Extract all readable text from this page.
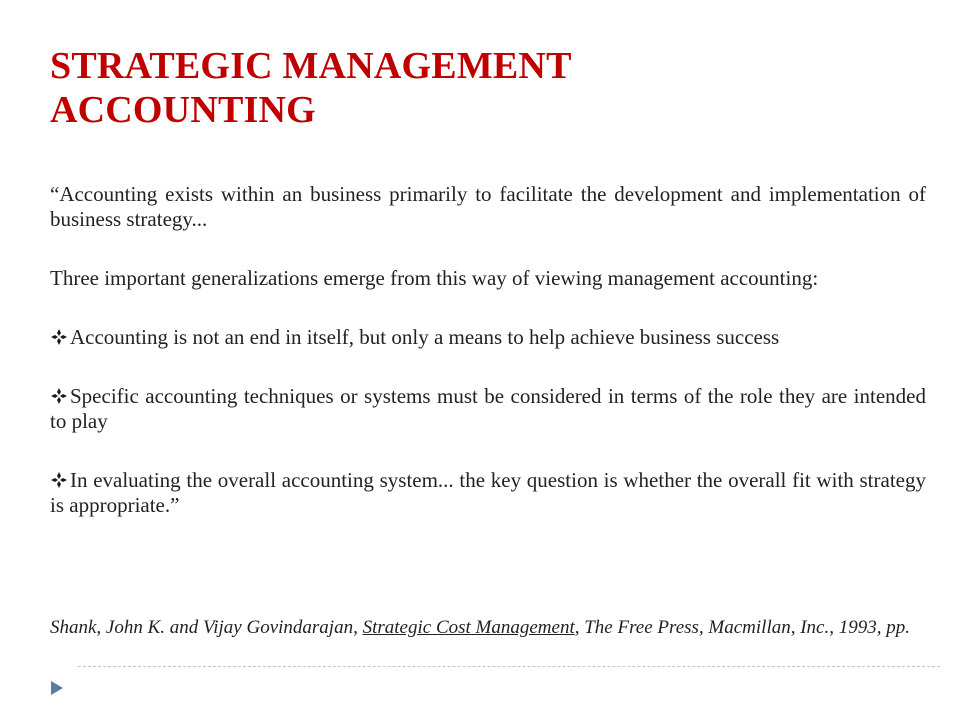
STRATEGIC MANAGEMENT
ACCOUNTING

“Accounting exists within an business primarily to facilitate the development and implementation of business strategy...

Three important generalizations emerge from this way of viewing management accounting:

Accounting is not an end in itself, but only a means to help achieve business success

Specific accounting techniques or systems must be considered in terms of the role they are intended to play

In evaluating the overall accounting system... the key question is whether the overall fit with strategy is appropriate.”

Shank, John K. and Vijay Govindarajan, Strategic Cost Management, The Free Press, Macmillan, Inc., 1993, pp.
